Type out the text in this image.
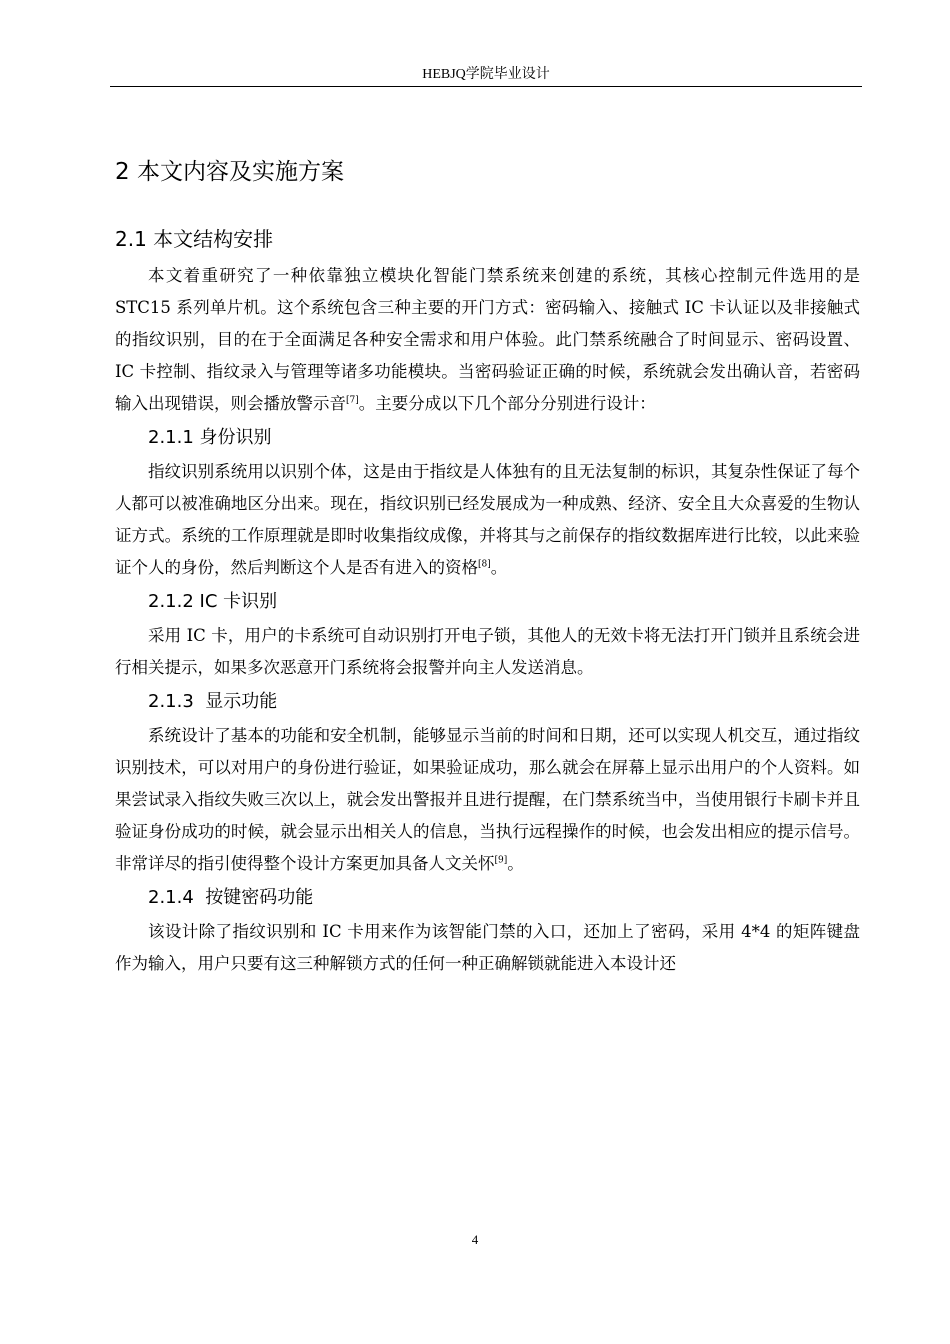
HEBJQ学院毕业设计
2 本文内容及实施方案
2.1 本文结构安排

本文着重研究了一种依靠独立模块化智能门禁系统来创建的系统，其核心控制元件选用的是 STC15 系列单片机。这个系统包含三种主要的开门方式：密码输入、接触式 IC 卡认证以及非接触式的指纹识别，目的在于全面满足各种安全需求和用户体验。此门禁系统融合了时间显示、密码设置、IC 卡控制、指纹录入与管理等诸多功能模块。当密码验证正确的时候，系统就会发出确认音，若密码输入出现错误，则会播放警示音[7]。主要分成以下几个部分分别进行设计：

2.1.1 身份识别

指纹识别系统用以识别个体，这是由于指纹是人体独有的且无法复制的标识，其复杂性保证了每个人都可以被准确地区分出来。现在，指纹识别已经发展成为一种成熟、经济、安全且大众喜爱的生物认证方式。系统的工作原理就是即时收集指纹成像，并将其与之前保存的指纹数据库进行比较，以此来验证个人的身份，然后判断这个人是否有进入的资格[8]。

2.1.2 IC 卡识别

采用 IC 卡，用户的卡系统可自动识别打开电子锁，其他人的无效卡将无法打开门锁并且系统会进行相关提示，如果多次恶意开门系统将会报警并向主人发送消息。

2.1.3  显示功能

系统设计了基本的功能和安全机制，能够显示当前的时间和日期，还可以实现人机交互，通过指纹识别技术，可以对用户的身份进行验证，如果验证成功，那么就会在屏幕上显示出用户的个人资料。如果尝试录入指纹失败三次以上，就会发出警报并且进行提醒，在门禁系统当中，当使用银行卡刷卡并且验证身份成功的时候，就会显示出相关人的信息，当执行远程操作的时候，也会发出相应的提示信号。非常详尽的指引使得整个设计方案更加具备人文关怀[9]。

2.1.4  按键密码功能

该设计除了指纹识别和 IC 卡用来作为该智能门禁的入口，还加上了密码，采用 4*4 的矩阵键盘作为输入，用户只要有这三种解锁方式的任何一种正确解锁就能进入本设计还

4
